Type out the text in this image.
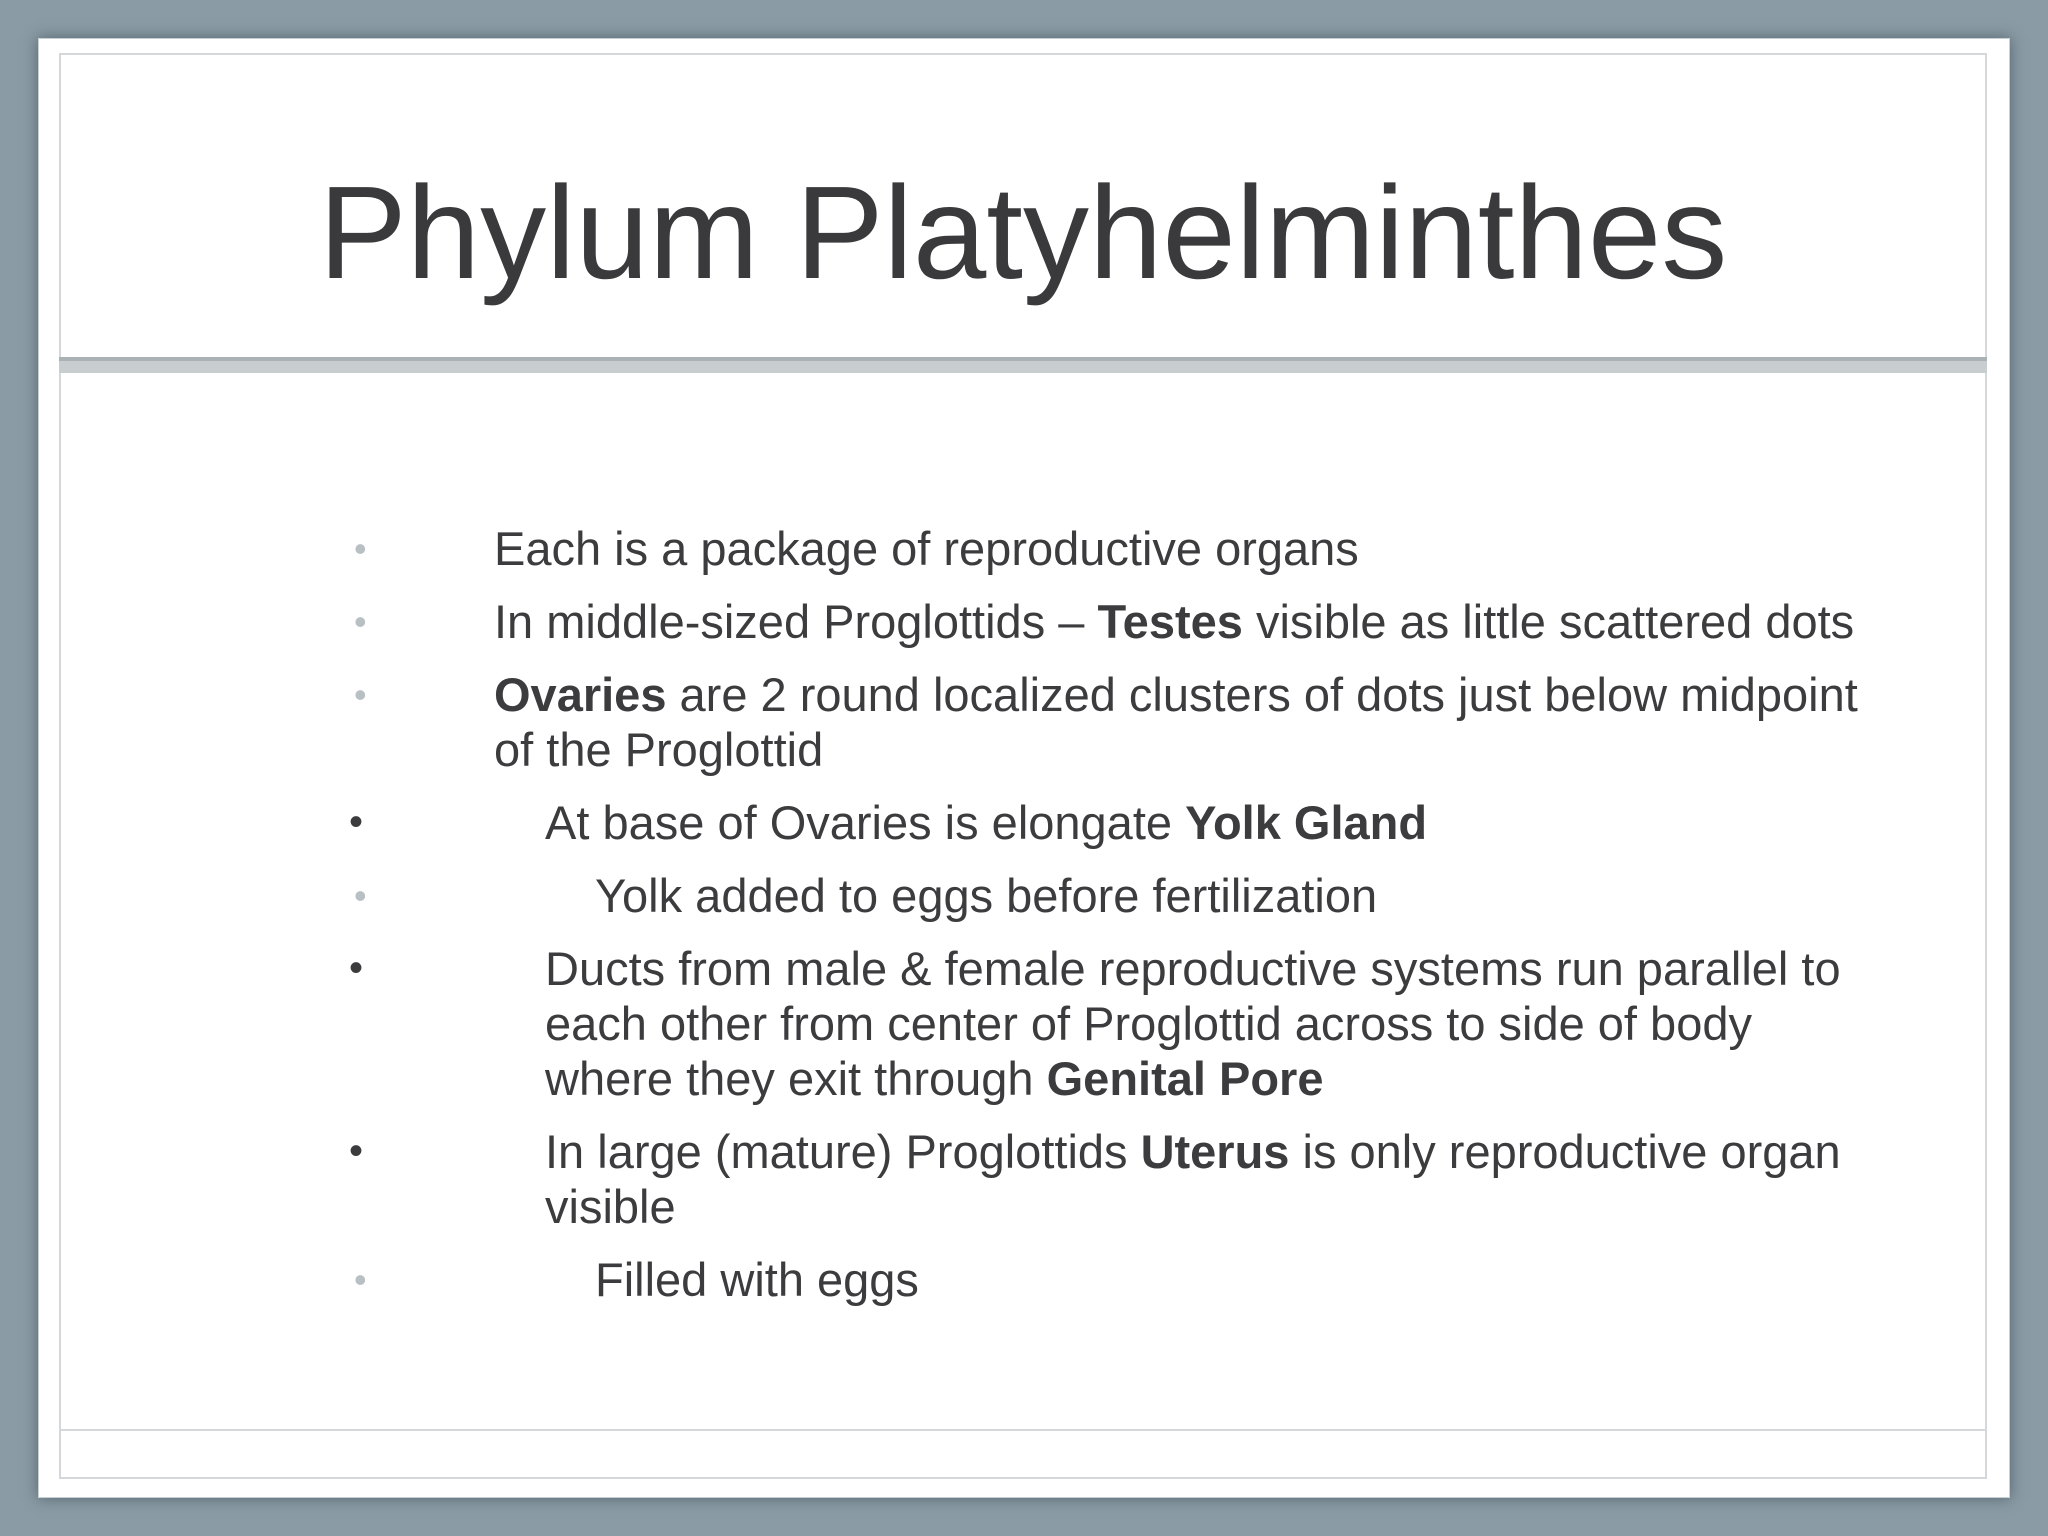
Phylum Platyhelminthes
•	Each is a package of reproductive organs
•	In middle-sized Proglottids – Testes visible as little scattered dots
•	Ovaries are 2 round localized clusters of dots just below midpoint of the Proglottid
•	At base of Ovaries is elongate Yolk Gland
•	Yolk added to eggs before fertilization
•	Ducts from male & female reproductive systems run parallel to each other from center of Proglottid across to side of body where they exit through Genital Pore
•	In large (mature) Proglottids Uterus is only reproductive organ visible
•	Filled with eggs
